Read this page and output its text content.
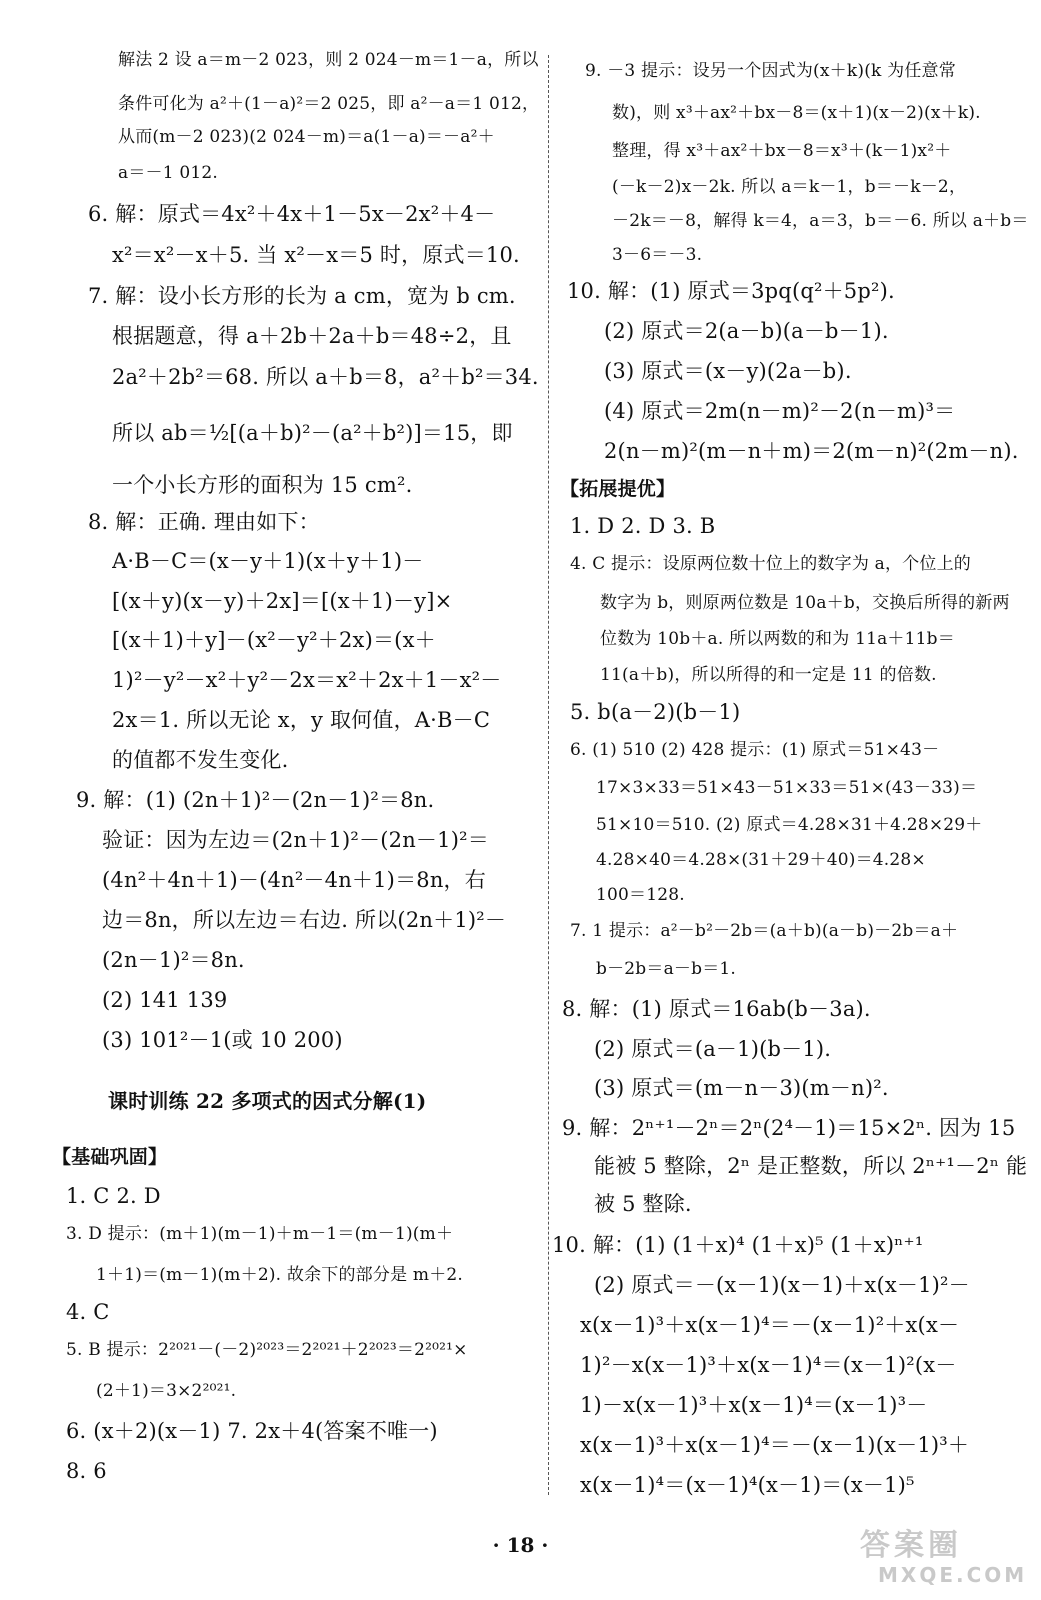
解法 2 设 a＝m－2 023，则 2 024－m＝1－a，所以
条件可化为 a²＋(1－a)²＝2 025，即 a²－a＝1 012，
从而(m－2 023)(2 024－m)＝a(1－a)＝－a²＋
a＝－1 012.
6. 解：原式＝4x²＋4x＋1－5x－2x²＋4－
x²＝x²－x＋5. 当 x²－x＝5 时，原式＝10.
7. 解：设小长方形的长为 a cm，宽为 b cm.
根据题意，得 a＋2b＋2a＋b＝48÷2，且
2a²＋2b²＝68. 所以 a＋b＝8，a²＋b²＝34.
所以 ab＝½[(a＋b)²－(a²＋b²)]＝15，即
一个小长方形的面积为 15 cm².
8. 解：正确. 理由如下：
A·B－C＝(x－y＋1)(x＋y＋1)－
[(x＋y)(x－y)＋2x]＝[(x＋1)－y]×
[(x＋1)＋y]－(x²－y²＋2x)＝(x＋
1)²－y²－x²＋y²－2x＝x²＋2x＋1－x²－
2x＝1. 所以无论 x，y 取何值，A·B－C
的值都不发生变化.
9. 解：(1) (2n＋1)²－(2n－1)²＝8n.
验证：因为左边＝(2n＋1)²－(2n－1)²＝
(4n²＋4n＋1)－(4n²－4n＋1)＝8n，右
边＝8n，所以左边＝右边. 所以(2n＋1)²－
(2n－1)²＝8n.
(2) 141 139
(3) 101²－1(或 10 200)
课时训练 22 多项式的因式分解(1)
【基础巩固】
1. C 2. D
3. D 提示：(m＋1)(m－1)＋m－1＝(m－1)(m＋
1＋1)＝(m－1)(m＋2). 故余下的部分是 m＋2.
4. C
5. B 提示：2²⁰²¹－(－2)²⁰²³＝2²⁰²¹＋2²⁰²³＝2²⁰²¹×
(2＋1)＝3×2²⁰²¹.
6. (x＋2)(x－1) 7. 2x＋4(答案不唯一)
8. 6
9. －3 提示：设另一个因式为(x＋k)(k 为任意常
数)，则 x³＋ax²＋bx－8＝(x＋1)(x－2)(x＋k).
整理，得 x³＋ax²＋bx－8＝x³＋(k－1)x²＋
(－k－2)x－2k. 所以 a＝k－1，b＝－k－2，
－2k＝－8，解得 k＝4，a＝3，b＝－6. 所以 a＋b＝
3－6＝－3.
10. 解：(1) 原式＝3pq(q²＋5p²).
(2) 原式＝2(a－b)(a－b－1).
(3) 原式＝(x－y)(2a－b).
(4) 原式＝2m(n－m)²－2(n－m)³＝
2(n－m)²(m－n＋m)＝2(m－n)²(2m－n).
【拓展提优】
1. D 2. D 3. B
4. C 提示：设原两位数十位上的数字为 a，个位上的
数字为 b，则原两位数是 10a＋b，交换后所得的新两
位数为 10b＋a. 所以两数的和为 11a＋11b＝
11(a＋b)，所以所得的和一定是 11 的倍数.
5. b(a－2)(b－1)
6. (1) 510 (2) 428 提示：(1) 原式＝51×43－
17×3×33＝51×43－51×33＝51×(43－33)＝
51×10＝510. (2) 原式＝4.28×31＋4.28×29＋
4.28×40＝4.28×(31＋29＋40)＝4.28×
100＝128.
7. 1 提示：a²－b²－2b＝(a＋b)(a－b)－2b＝a＋
b－2b＝a－b＝1.
8. 解：(1) 原式＝16ab(b－3a).
(2) 原式＝(a－1)(b－1).
(3) 原式＝(m－n－3)(m－n)².
9. 解：2ⁿ⁺¹－2ⁿ＝2ⁿ(2⁴－1)＝15×2ⁿ. 因为 15
能被 5 整除，2ⁿ 是正整数，所以 2ⁿ⁺¹－2ⁿ 能
被 5 整除.
10. 解：(1) (1＋x)⁴ (1＋x)⁵ (1＋x)ⁿ⁺¹
(2) 原式＝－(x－1)(x－1)＋x(x－1)²－
x(x－1)³＋x(x－1)⁴＝－(x－1)²＋x(x－
1)²－x(x－1)³＋x(x－1)⁴＝(x－1)²(x－
1)－x(x－1)³＋x(x－1)⁴＝(x－1)³－
x(x－1)³＋x(x－1)⁴＝－(x－1)(x－1)³＋
x(x－1)⁴＝(x－1)⁴(x－1)＝(x－1)⁵
· 18 ·	答案圈
MXQE.COM
